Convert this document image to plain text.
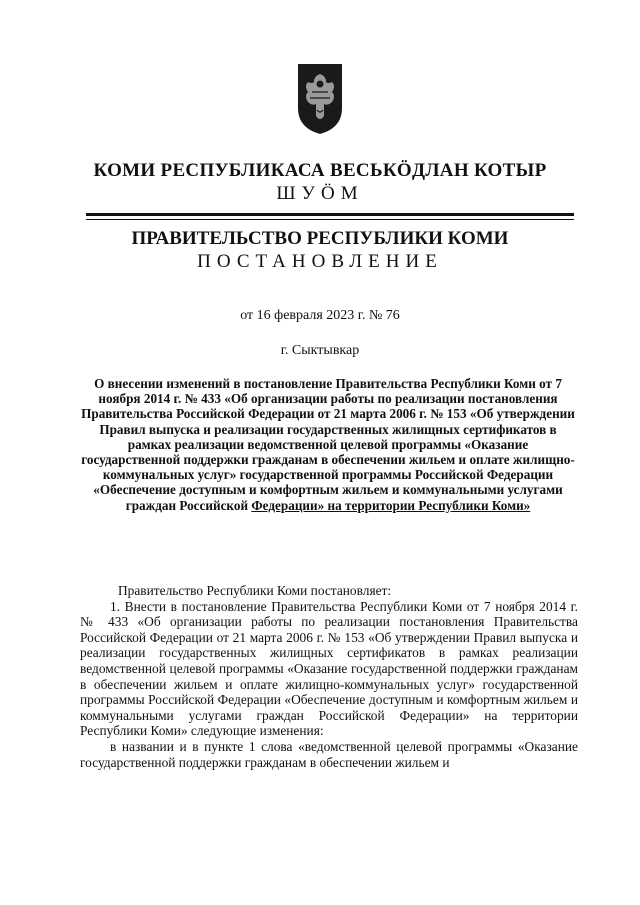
КОМИ РЕСПУБЛИКАСА ВЕСЬКӦДЛАН КОТЫР
ШУӦМ
ПРАВИТЕЛЬСТВО РЕСПУБЛИКИ КОМИ
ПОСТАНОВЛЕНИЕ
от 16 февраля 2023 г. № 76
г. Сыктывкар
О внесении изменений в постановление Правительства Республики Коми от 7 ноября 2014 г. № 433 «Об организации работы по реализации постановления Правительства Российской Федерации от 21 марта 2006 г. № 153 «Об утверждении Правил выпуска и реализации государственных жилищных сертификатов в рамках реализации ведомственной целевой программы «Оказание государственной поддержки гражданам в обеспечении жильем и оплате жилищно-коммунальных услуг» государственной программы Российской Федерации «Обеспечение доступным и комфортным жильем и коммунальными услугами граждан Российской Федерации» на территории Республики Коми»

Правительство Республики Коми постановляет:

1. Внести в постановление Правительства Республики Коми от 7 ноября 2014 г. № 433 «Об организации работы по реализации постановления Правительства Российской Федерации от 21 марта 2006 г. № 153 «Об утверждении Правил выпуска и реализации государственных жилищных сертификатов в рамках реализации ведомственной целевой программы «Оказание государственной поддержки гражданам в обеспечении жильем и оплате жилищно-коммунальных услуг» государственной программы Российской Федерации «Обеспечение доступным и комфортным жильем и коммунальными услугами граждан Российской Федерации» на территории Республики Коми» следующие изменения:

в названии и в пункте 1 слова «ведомственной целевой программы «Оказание государственной поддержки гражданам в обеспечении жильем и
